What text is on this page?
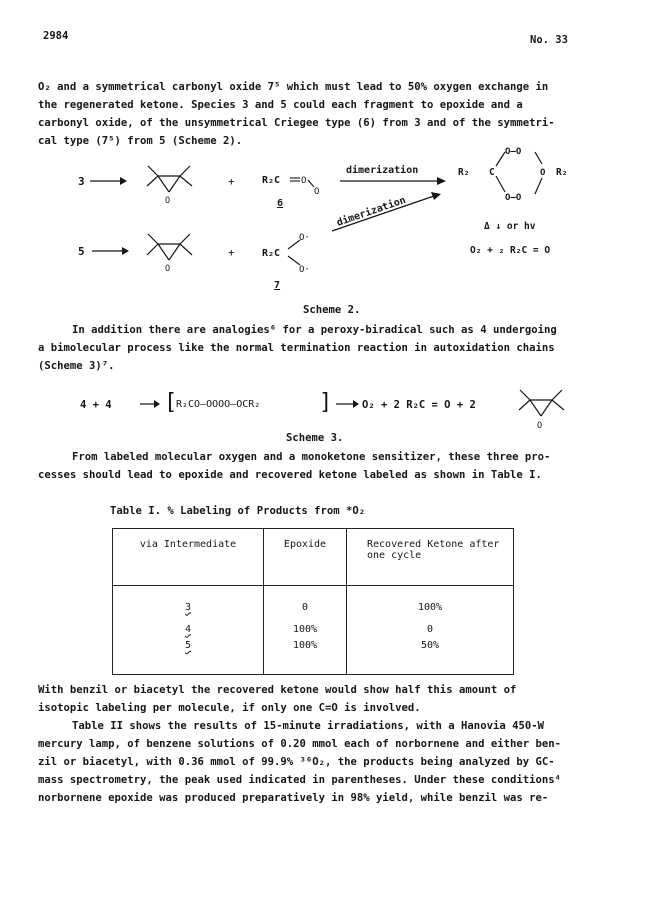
2984	No. 33
O₂ and a symmetrical carbonyl oxide 7⁵ which must lead to 50% oxygen exchange in
the regenerated ketone. Species 3 and 5 could each fragment to epoxide and a
carbonyl oxide, of the unsymmetrical Criegee type (6) from 3 and of the symmetri-
cal type (7⁵) from 5 (Scheme 2).
3
O
+	R₂C O
O
6
dimerization
dimerization
R₂ C
O—O
O—O
O R₂
Δ ↓ or hv
O₂ + ₂ R₂C = O
5
O
+	R₂C
O·
O·
7
Scheme 2.
In addition there are analogies⁶ for a peroxy-biradical such as 4 undergoing
a bimolecular process like the normal termination reaction in autoxidation chains
(Scheme 3)⁷.
4 + 4 [
R₂CO—OOOO—OCR₂	]	O₂ + 2 R₂C = O + 2
O
Scheme 3.
From labeled molecular oxygen and a monoketone sensitizer, these three pro-
cesses should lead to epoxide and recovered ketone labeled as shown in Table I.
Table I. % Labeling of Products from *O₂
via Intermediate	Epoxide	Recovered Ketone after one cycle
3	0	100%
4	100%	0
5	100%	50%
With benzil or biacetyl the recovered ketone would show half this amount of
isotopic labeling per molecule, if only one C=O is involved.
Table II shows the results of 15-minute irradiations, with a Hanovia 450-W
mercury lamp, of benzene solutions of 0.20 mmol each of norbornene and either ben-
zil or biacetyl, with 0.36 mmol of 99.9% ³⁶O₂, the products being analyzed by GC-
mass spectrometry, the peak used indicated in parentheses. Under these conditions⁴
norbornene epoxide was produced preparatively in 98% yield, while benzil was re-
